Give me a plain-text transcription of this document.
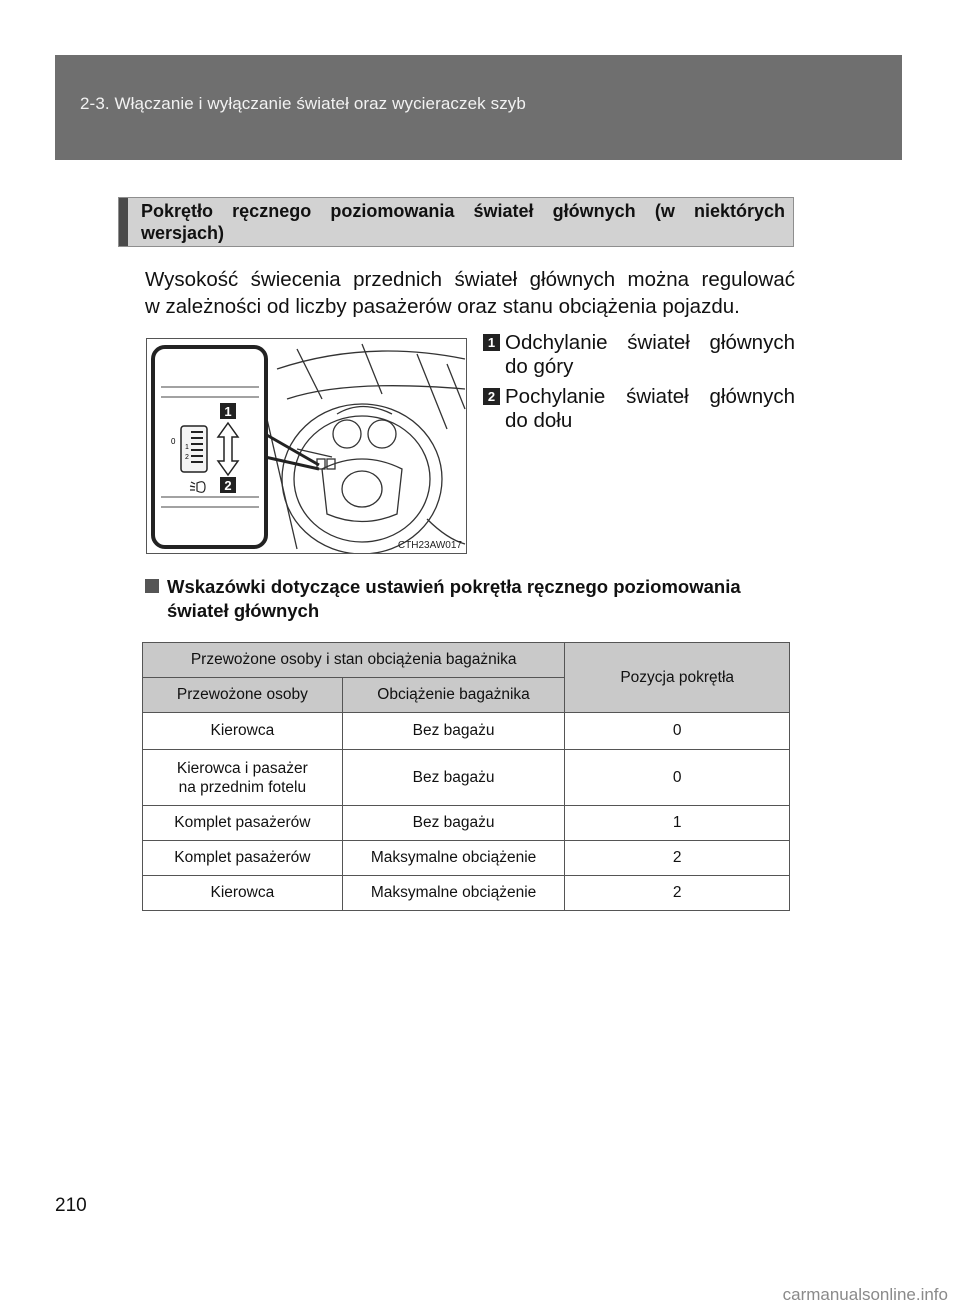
2-3. Włączanie i wyłączanie świateł oraz wycieraczek szyb
Pokrętło ręcznego poziomowania świateł głównych (w niektórych wersjach)

Wysokość świecenia przednich świateł głównych można regulować

w zależności od liczby pasażerów oraz stanu obciążenia pojazdu.

0
1
2
1
2
CTH23AW017
1 Odchylanie świateł głównych
do góry
2 Pochylanie świateł głównych
do dołu
Wskazówki dotyczące ustawień pokrętła ręcznego poziomowania
świateł głównych
Przewożone osoby i stan obciążenia bagażnika		Pozycja pokrętła
Przewożone osoby	Obciążenie bagażnika	
Kierowca	Bez bagażu	0

Kierowca i pasażer
na przednim fotelu	Bez bagażu	0
Komplet pasażerów	Bez bagażu	1
Komplet pasażerów	Maksymalne obciążenie	2
Kierowca	Maksymalne obciążenie	2
210
carmanualsonline.info
